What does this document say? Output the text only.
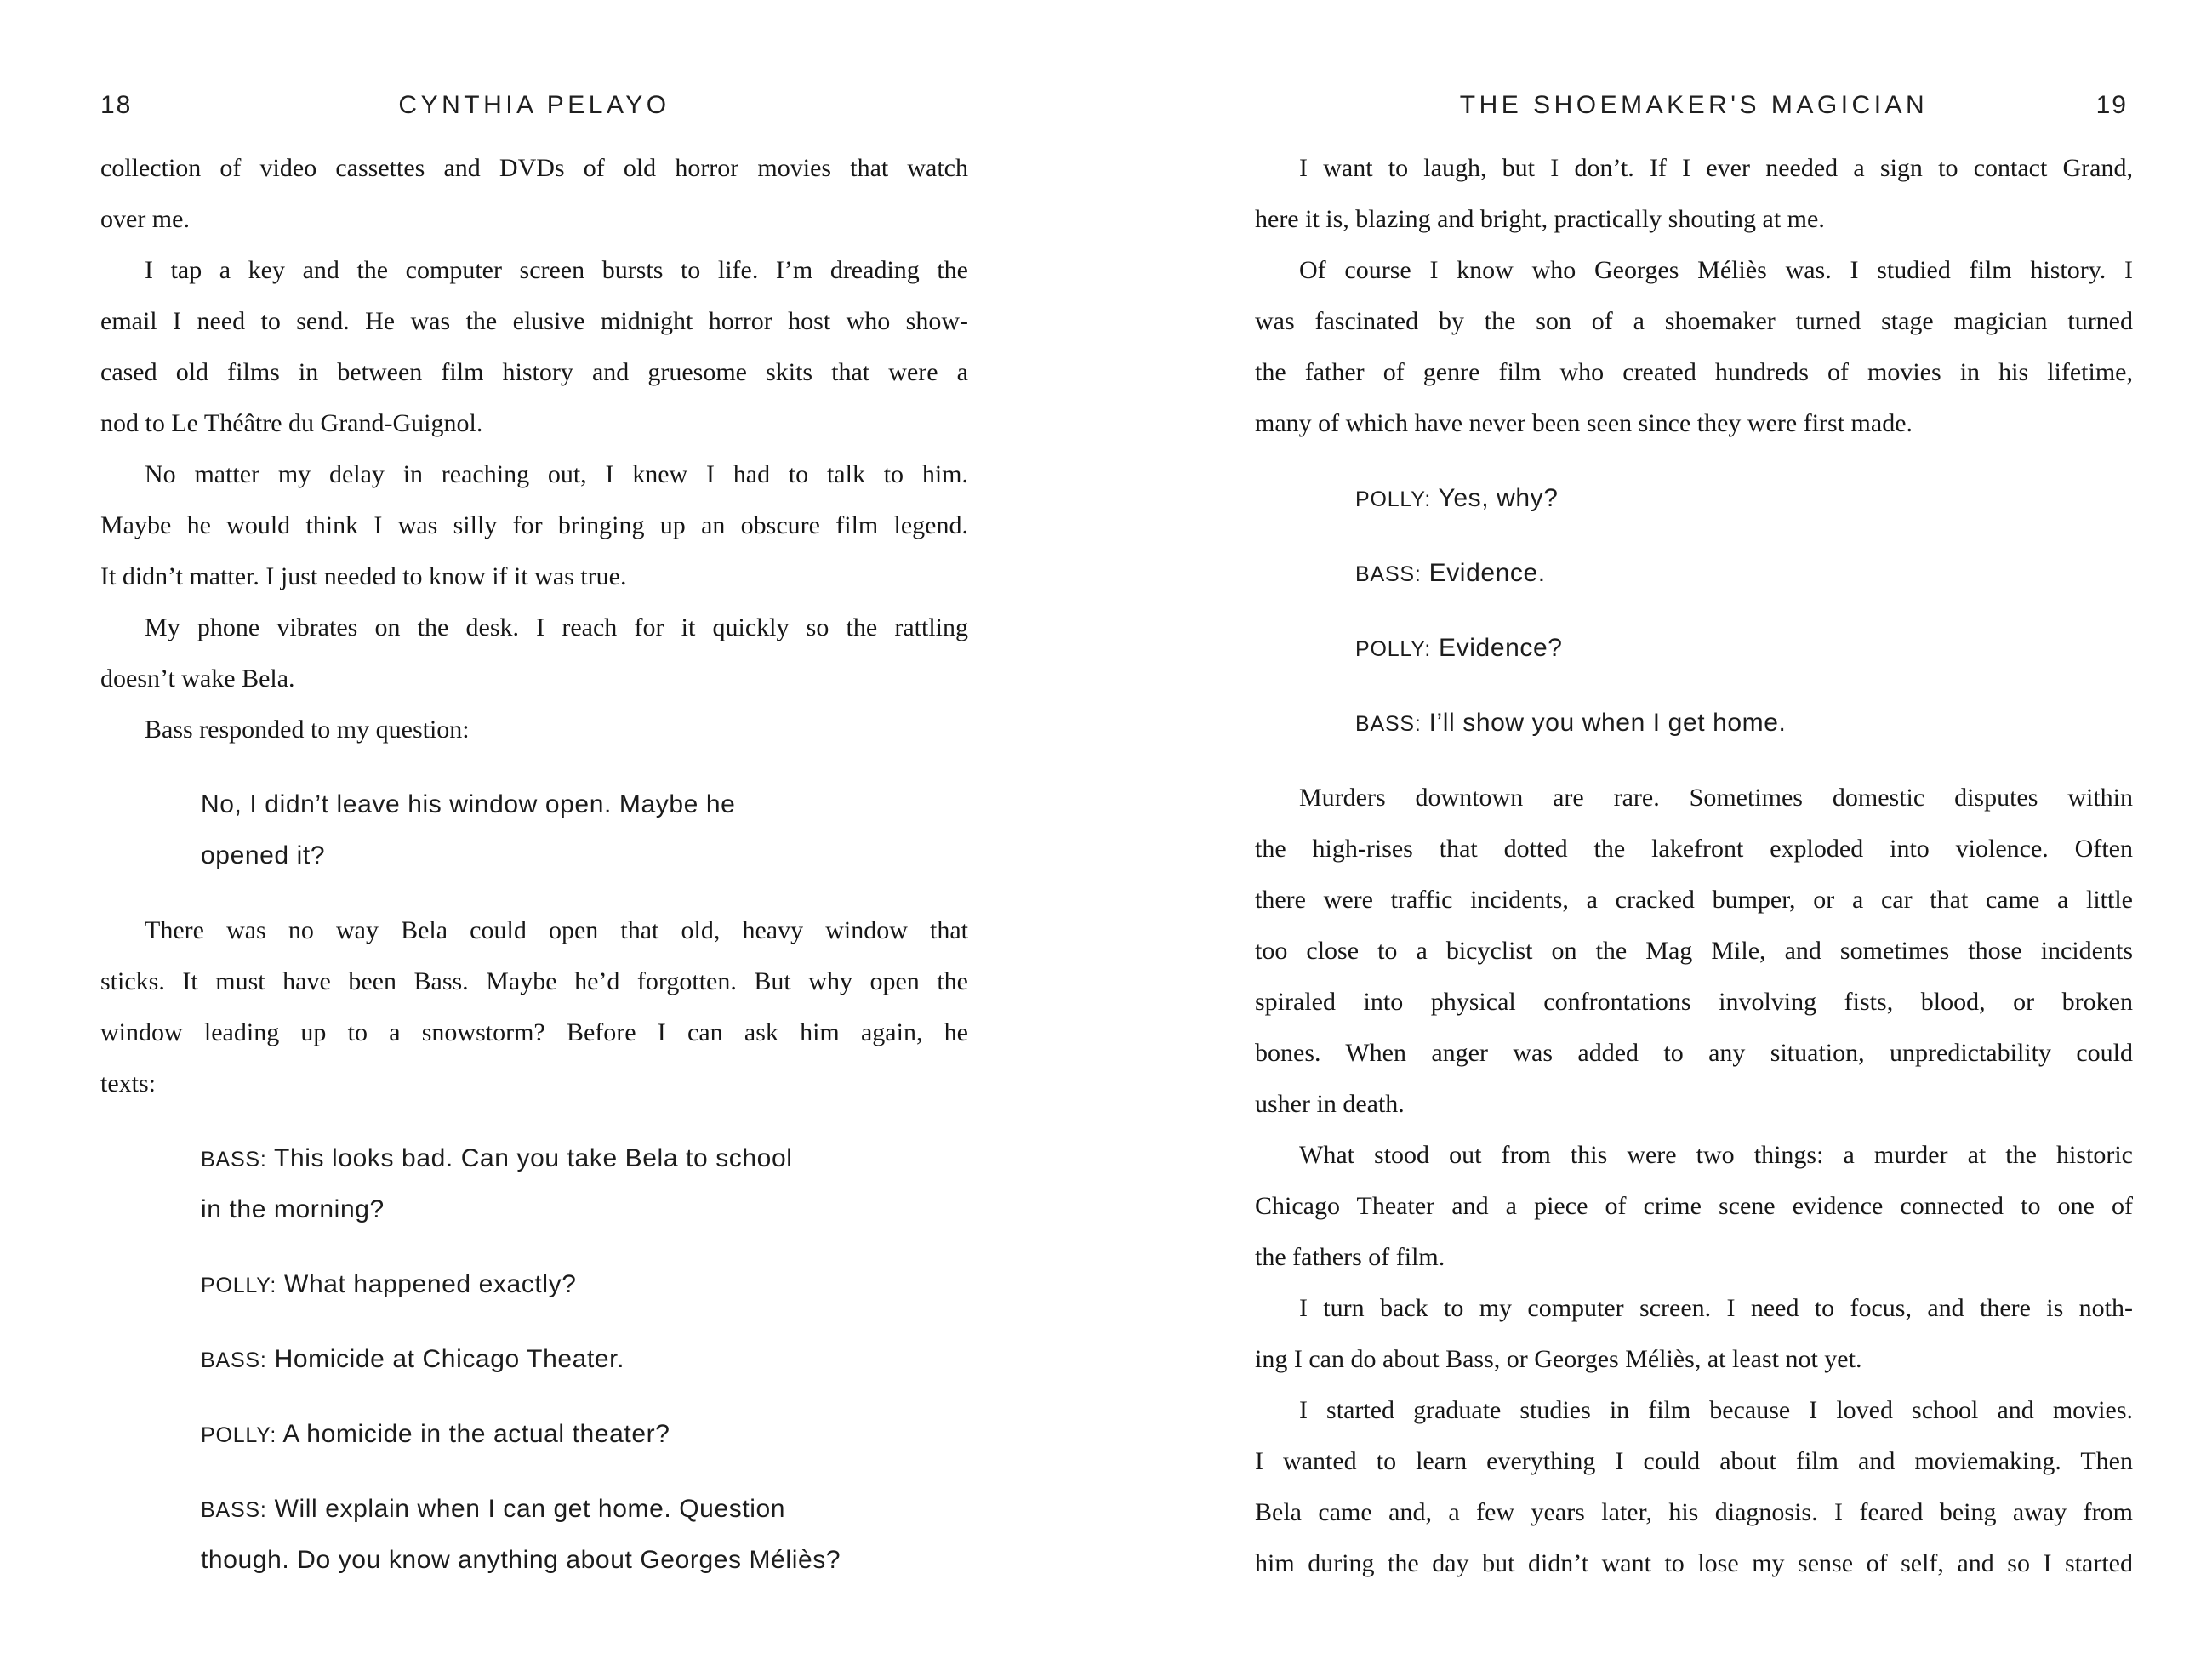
18	CYNTHIA PELAYO
collection of video cassettes and DVDs of old horror movies that watch
over me.
I tap a key and the computer screen bursts to life. I’m dreading the
email I need to send. He was the elusive midnight horror host who show-
cased old films in between film history and gruesome skits that were a
nod to Le Théâtre du Grand-Guignol.
No matter my delay in reaching out, I knew I had to talk to him.
Maybe he would think I was silly for bringing up an obscure film legend.
It didn’t matter. I just needed to know if it was true.
My phone vibrates on the desk. I reach for it quickly so the rattling
doesn’t wake Bela.
Bass responded to my question:
No, I didn’t leave his window open. Maybe he
opened it?
There was no way Bela could open that old, heavy window that
sticks. It must have been Bass. Maybe he’d forgotten. But why open the
window leading up to a snowstorm? Before I can ask him again, he
texts:
BASS: This looks bad. Can you take Bela to school
in the morning?
POLLY: What happened exactly?
BASS: Homicide at Chicago Theater.
POLLY: A homicide in the actual theater?
BASS: Will explain when I can get home. Question
though. Do you know anything about Georges Méliès?
THE SHOEMAKER'S MAGICIAN	19
I want to laugh, but I don’t. If I ever needed a sign to contact Grand,
here it is, blazing and bright, practically shouting at me.
Of course I know who Georges Méliès was. I studied film history. I
was fascinated by the son of a shoemaker turned stage magician turned
the father of genre film who created hundreds of movies in his lifetime,
many of which have never been seen since they were first made.
POLLY: Yes, why?
BASS: Evidence.
POLLY: Evidence?
BASS: I’ll show you when I get home.
Murders downtown are rare. Sometimes domestic disputes within
the high-rises that dotted the lakefront exploded into violence. Often
there were traffic incidents, a cracked bumper, or a car that came a little
too close to a bicyclist on the Mag Mile, and sometimes those incidents
spiraled into physical confrontations involving fists, blood, or broken
bones. When anger was added to any situation, unpredictability could
usher in death.
What stood out from this were two things: a murder at the historic
Chicago Theater and a piece of crime scene evidence connected to one of
the fathers of film.
I turn back to my computer screen. I need to focus, and there is noth-
ing I can do about Bass, or Georges Méliès, at least not yet.
I started graduate studies in film because I loved school and movies.
I wanted to learn everything I could about film and moviemaking. Then
Bela came and, a few years later, his diagnosis. I feared being away from
him during the day but didn’t want to lose my sense of self, and so I started
